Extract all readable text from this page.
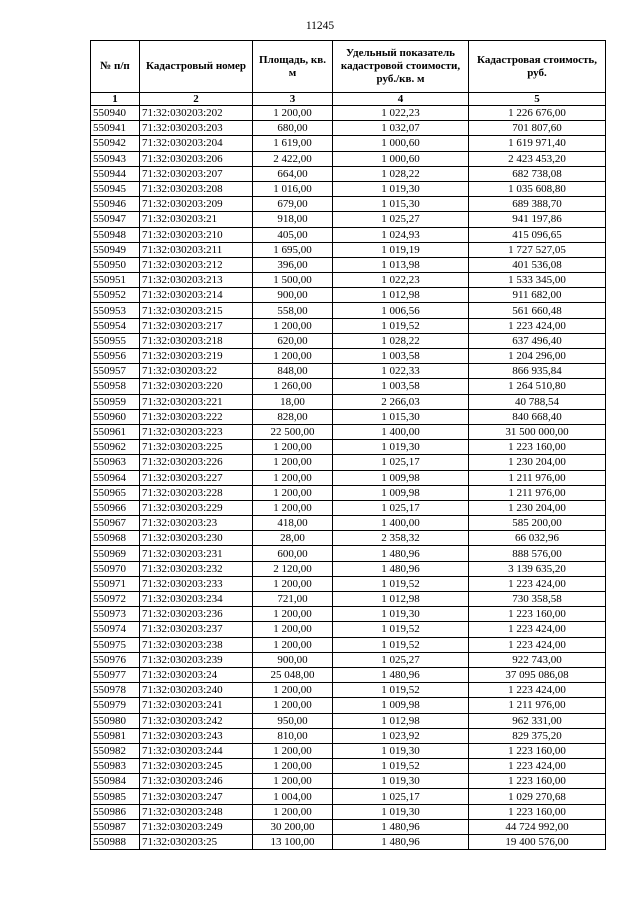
11245
№ п/п	Кадастровый номер	Площадь, кв. м	Удельный показатель кадастровой стоимости, руб./кв. м	Кадастровая стоимость, руб.
1	2	3	4	5
550940	71:32:030203:202	1 200,00	1 022,23	1 226 676,00
550941	71:32:030203:203	680,00	1 032,07	701 807,60
550942	71:32:030203:204	1 619,00	1 000,60	1 619 971,40
550943	71:32:030203:206	2 422,00	1 000,60	2 423 453,20
550944	71:32:030203:207	664,00	1 028,22	682 738,08
550945	71:32:030203:208	1 016,00	1 019,30	1 035 608,80
550946	71:32:030203:209	679,00	1 015,30	689 388,70
550947	71:32:030203:21	918,00	1 025,27	941 197,86
550948	71:32:030203:210	405,00	1 024,93	415 096,65
550949	71:32:030203:211	1 695,00	1 019,19	1 727 527,05
550950	71:32:030203:212	396,00	1 013,98	401 536,08
550951	71:32:030203:213	1 500,00	1 022,23	1 533 345,00
550952	71:32:030203:214	900,00	1 012,98	911 682,00
550953	71:32:030203:215	558,00	1 006,56	561 660,48
550954	71:32:030203:217	1 200,00	1 019,52	1 223 424,00
550955	71:32:030203:218	620,00	1 028,22	637 496,40
550956	71:32:030203:219	1 200,00	1 003,58	1 204 296,00
550957	71:32:030203:22	848,00	1 022,33	866 935,84
550958	71:32:030203:220	1 260,00	1 003,58	1 264 510,80
550959	71:32:030203:221	18,00	2 266,03	40 788,54
550960	71:32:030203:222	828,00	1 015,30	840 668,40
550961	71:32:030203:223	22 500,00	1 400,00	31 500 000,00
550962	71:32:030203:225	1 200,00	1 019,30	1 223 160,00
550963	71:32:030203:226	1 200,00	1 025,17	1 230 204,00
550964	71:32:030203:227	1 200,00	1 009,98	1 211 976,00
550965	71:32:030203:228	1 200,00	1 009,98	1 211 976,00
550966	71:32:030203:229	1 200,00	1 025,17	1 230 204,00
550967	71:32:030203:23	418,00	1 400,00	585 200,00
550968	71:32:030203:230	28,00	2 358,32	66 032,96
550969	71:32:030203:231	600,00	1 480,96	888 576,00
550970	71:32:030203:232	2 120,00	1 480,96	3 139 635,20
550971	71:32:030203:233	1 200,00	1 019,52	1 223 424,00
550972	71:32:030203:234	721,00	1 012,98	730 358,58
550973	71:32:030203:236	1 200,00	1 019,30	1 223 160,00
550974	71:32:030203:237	1 200,00	1 019,52	1 223 424,00
550975	71:32:030203:238	1 200,00	1 019,52	1 223 424,00
550976	71:32:030203:239	900,00	1 025,27	922 743,00
550977	71:32:030203:24	25 048,00	1 480,96	37 095 086,08
550978	71:32:030203:240	1 200,00	1 019,52	1 223 424,00
550979	71:32:030203:241	1 200,00	1 009,98	1 211 976,00
550980	71:32:030203:242	950,00	1 012,98	962 331,00
550981	71:32:030203:243	810,00	1 023,92	829 375,20
550982	71:32:030203:244	1 200,00	1 019,30	1 223 160,00
550983	71:32:030203:245	1 200,00	1 019,52	1 223 424,00
550984	71:32:030203:246	1 200,00	1 019,30	1 223 160,00
550985	71:32:030203:247	1 004,00	1 025,17	1 029 270,68
550986	71:32:030203:248	1 200,00	1 019,30	1 223 160,00
550987	71:32:030203:249	30 200,00	1 480,96	44 724 992,00
550988	71:32:030203:25	13 100,00	1 480,96	19 400 576,00
